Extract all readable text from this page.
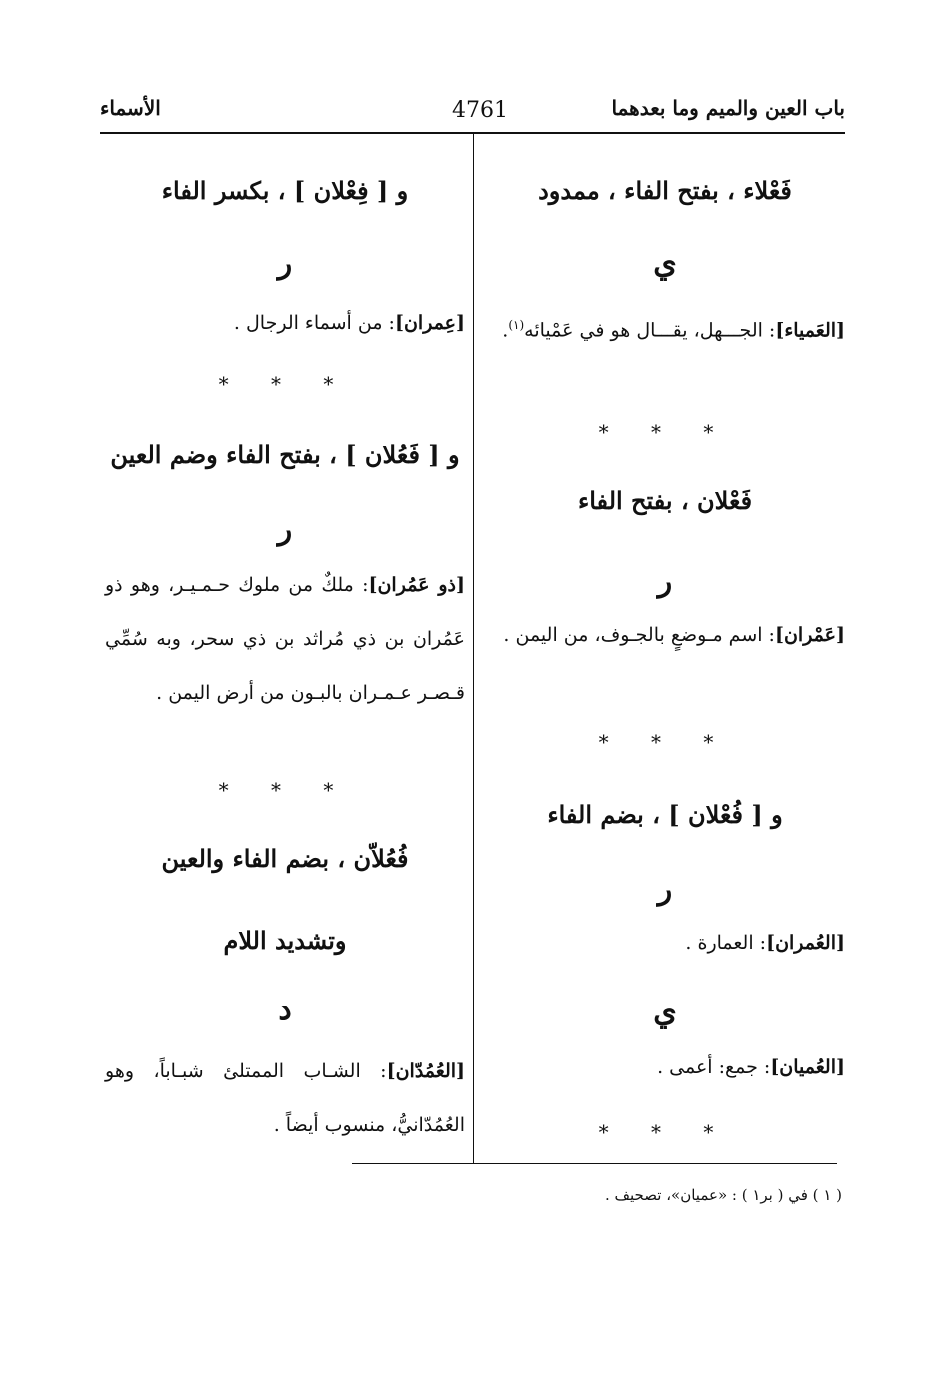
باب العين والميم وما بعدهما
4761
الأسماء
فَعْلاء ، بفتح الفاء ، ممدود
ي
[العَمياء]: الجـــهل، يقـــال هو في عَمْيائه$^{(١)}$.
* * *
فَعْلان ، بفتح الفاء
ر
[عَمْران]: اسم مـوضعٍ بالجـوف، من اليمن .
* * *
و [ فُعْلان ] ، بضم الفاء
ر
[العُمران]: العمارة .
ي
[العُميان]: جمع: أعمى .
* * *
و [ فِعْلان ] ، بكسر الفاء
ر
[عِمران]: من أسماء الرجال .
* * *
و [ فَعُلان ] ، بفتح الفاء وضم العين
ر
[ذو عَمُران]: ملكٌ من ملوك حـمـيـر، وهو ذو عَمُران بن ذي مُراثد بن ذي سحر، وبه سُمِّي قـصـر عـمـران بالبـون من أرض اليمن .
* * *
فُعُلاّن ، بضم الفاء والعين
وتشديد اللام
د
[العُمُدّان]: الشـاب الممتلئ شبـاباً، وهو العُمُدّانيُّ، منسوب أيضاً .
( ١ ) في ( بر١ ) : «عميان»، تصحيف .
